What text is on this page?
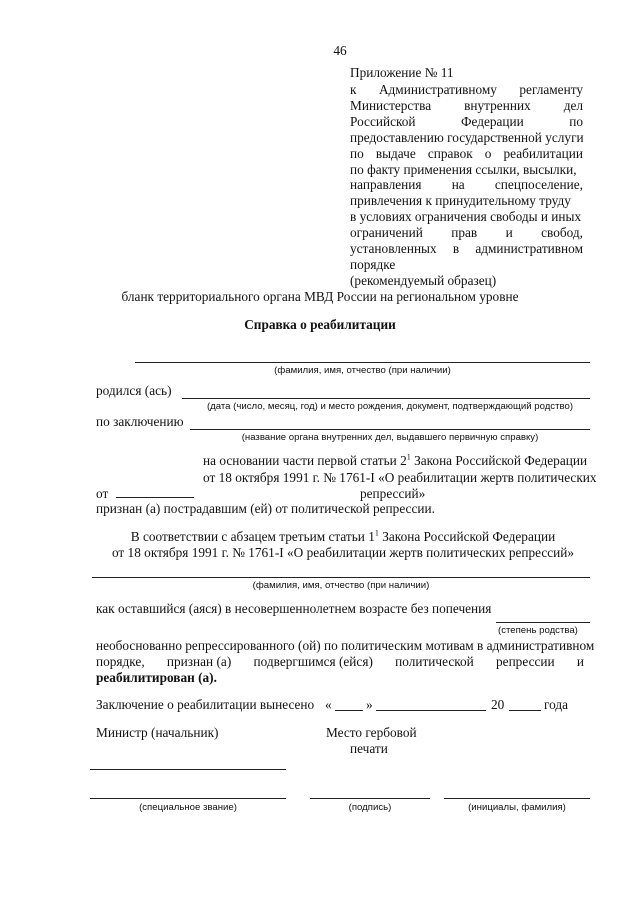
46
Приложение № 11
к Административному регламенту
Министерства внутренних дел
Российской	Федерации	по
предоставлению государственной услуги
по выдаче справок о реабилитации
по факту применения ссылки, высылки,
направления на спецпоселение,
привлечения к принудительному труду
в условиях ограничения свободы и иных
ограничений прав и свобод,
установленных в административном
порядке
(рекомендуемый образец)
бланк территориального органа МВД России на региональном уровне
Справка о реабилитации
(фамилия, имя, отчество (при наличии)
родился (ась)
(дата (число, месяц, год) и место рождения, документ, подтверждающий родство)
по заключению
(название органа внутренних дел, выдавшего первичную справку)
на основании части первой статьи $2^1$ Закона Российской Федерации
от 18 октября 1991 г. № 1761-I «О реабилитации жертв политических
от	репрессий»
признан (а) пострадавшим (ей) от политической репрессии.
В соответствии с абзацем третьим статьи $1^1$ Закона Российской Федерации
от 18 октября 1991 г. № 1761-I «О реабилитации жертв политических репрессий»
(фамилия, имя, отчество (при наличии)
как оставшийся (аяся) в несовершеннолетнем возрасте без попечения
(степень родства)
необоснованно репрессированного (ой) по политическим мотивам в административном
порядке, признан (а) подвергшимся (ейся) политической репрессии и
реабилитирован (а).
Заключение о реабилитации вынесено «	»	20	года
Министр (начальник)	Место гербовой
печати
(специальное звание)	(подпись)	(инициалы, фамилия)
